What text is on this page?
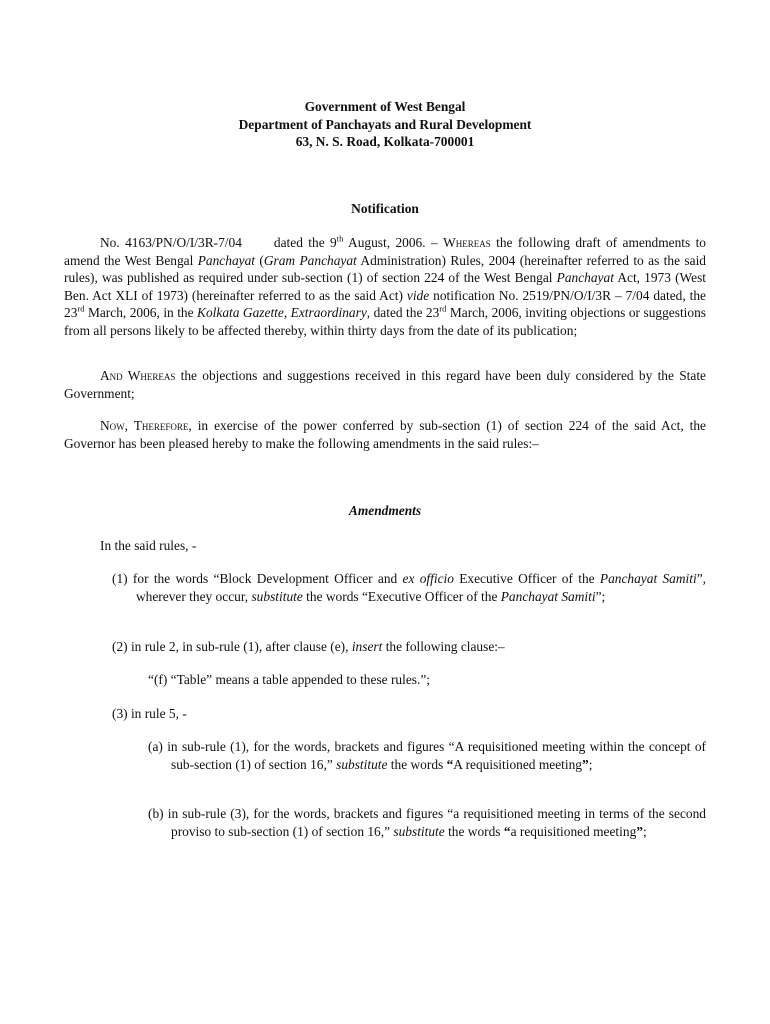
Government of West Bengal
Department of Panchayats and Rural Development
63, N. S. Road, Kolkata-700001
Notification

No. 4163/PN/O/I/3R-7/04 dated the 9th August, 2006. – Whereas the following draft of amendments to amend the West Bengal Panchayat (Gram Panchayat Administration) Rules, 2004 (hereinafter referred to as the said rules), was published as required under sub-section (1) of section 224 of the West Bengal Panchayat Act, 1973 (West Ben. Act XLI of 1973) (hereinafter referred to as the said Act) vide notification No. 2519/PN/O/I/3R – 7/04 dated, the 23rd March, 2006, in the Kolkata Gazette, Extraordinary, dated the 23rd March, 2006, inviting objections or suggestions from all persons likely to be affected thereby, within thirty days from the date of its publication;

And Whereas the objections and suggestions received in this regard have been duly considered by the State Government;

Now, Therefore, in exercise of the power conferred by sub-section (1) of section 224 of the said Act, the Governor has been pleased hereby to make the following amendments in the said rules:–

Amendments

In the said rules, -

(1) for the words “Block Development Officer and ex officio Executive Officer of the Panchayat Samiti”, wherever they occur, substitute the words “Executive Officer of the Panchayat Samiti”;

(2) in rule 2, in sub-rule (1), after clause (e), insert the following clause:–

“(f) “Table” means a table appended to these rules.”;

(3) in rule 5, -

(a) in sub-rule (1), for the words, brackets and figures “A requisitioned meeting within the concept of sub-section (1) of section 16,” substitute the words “A requisitioned meeting”;

(b) in sub-rule (3), for the words, brackets and figures “a requisitioned meeting in terms of the second proviso to sub-section (1) of section 16,” substitute the words “a requisitioned meeting”;
